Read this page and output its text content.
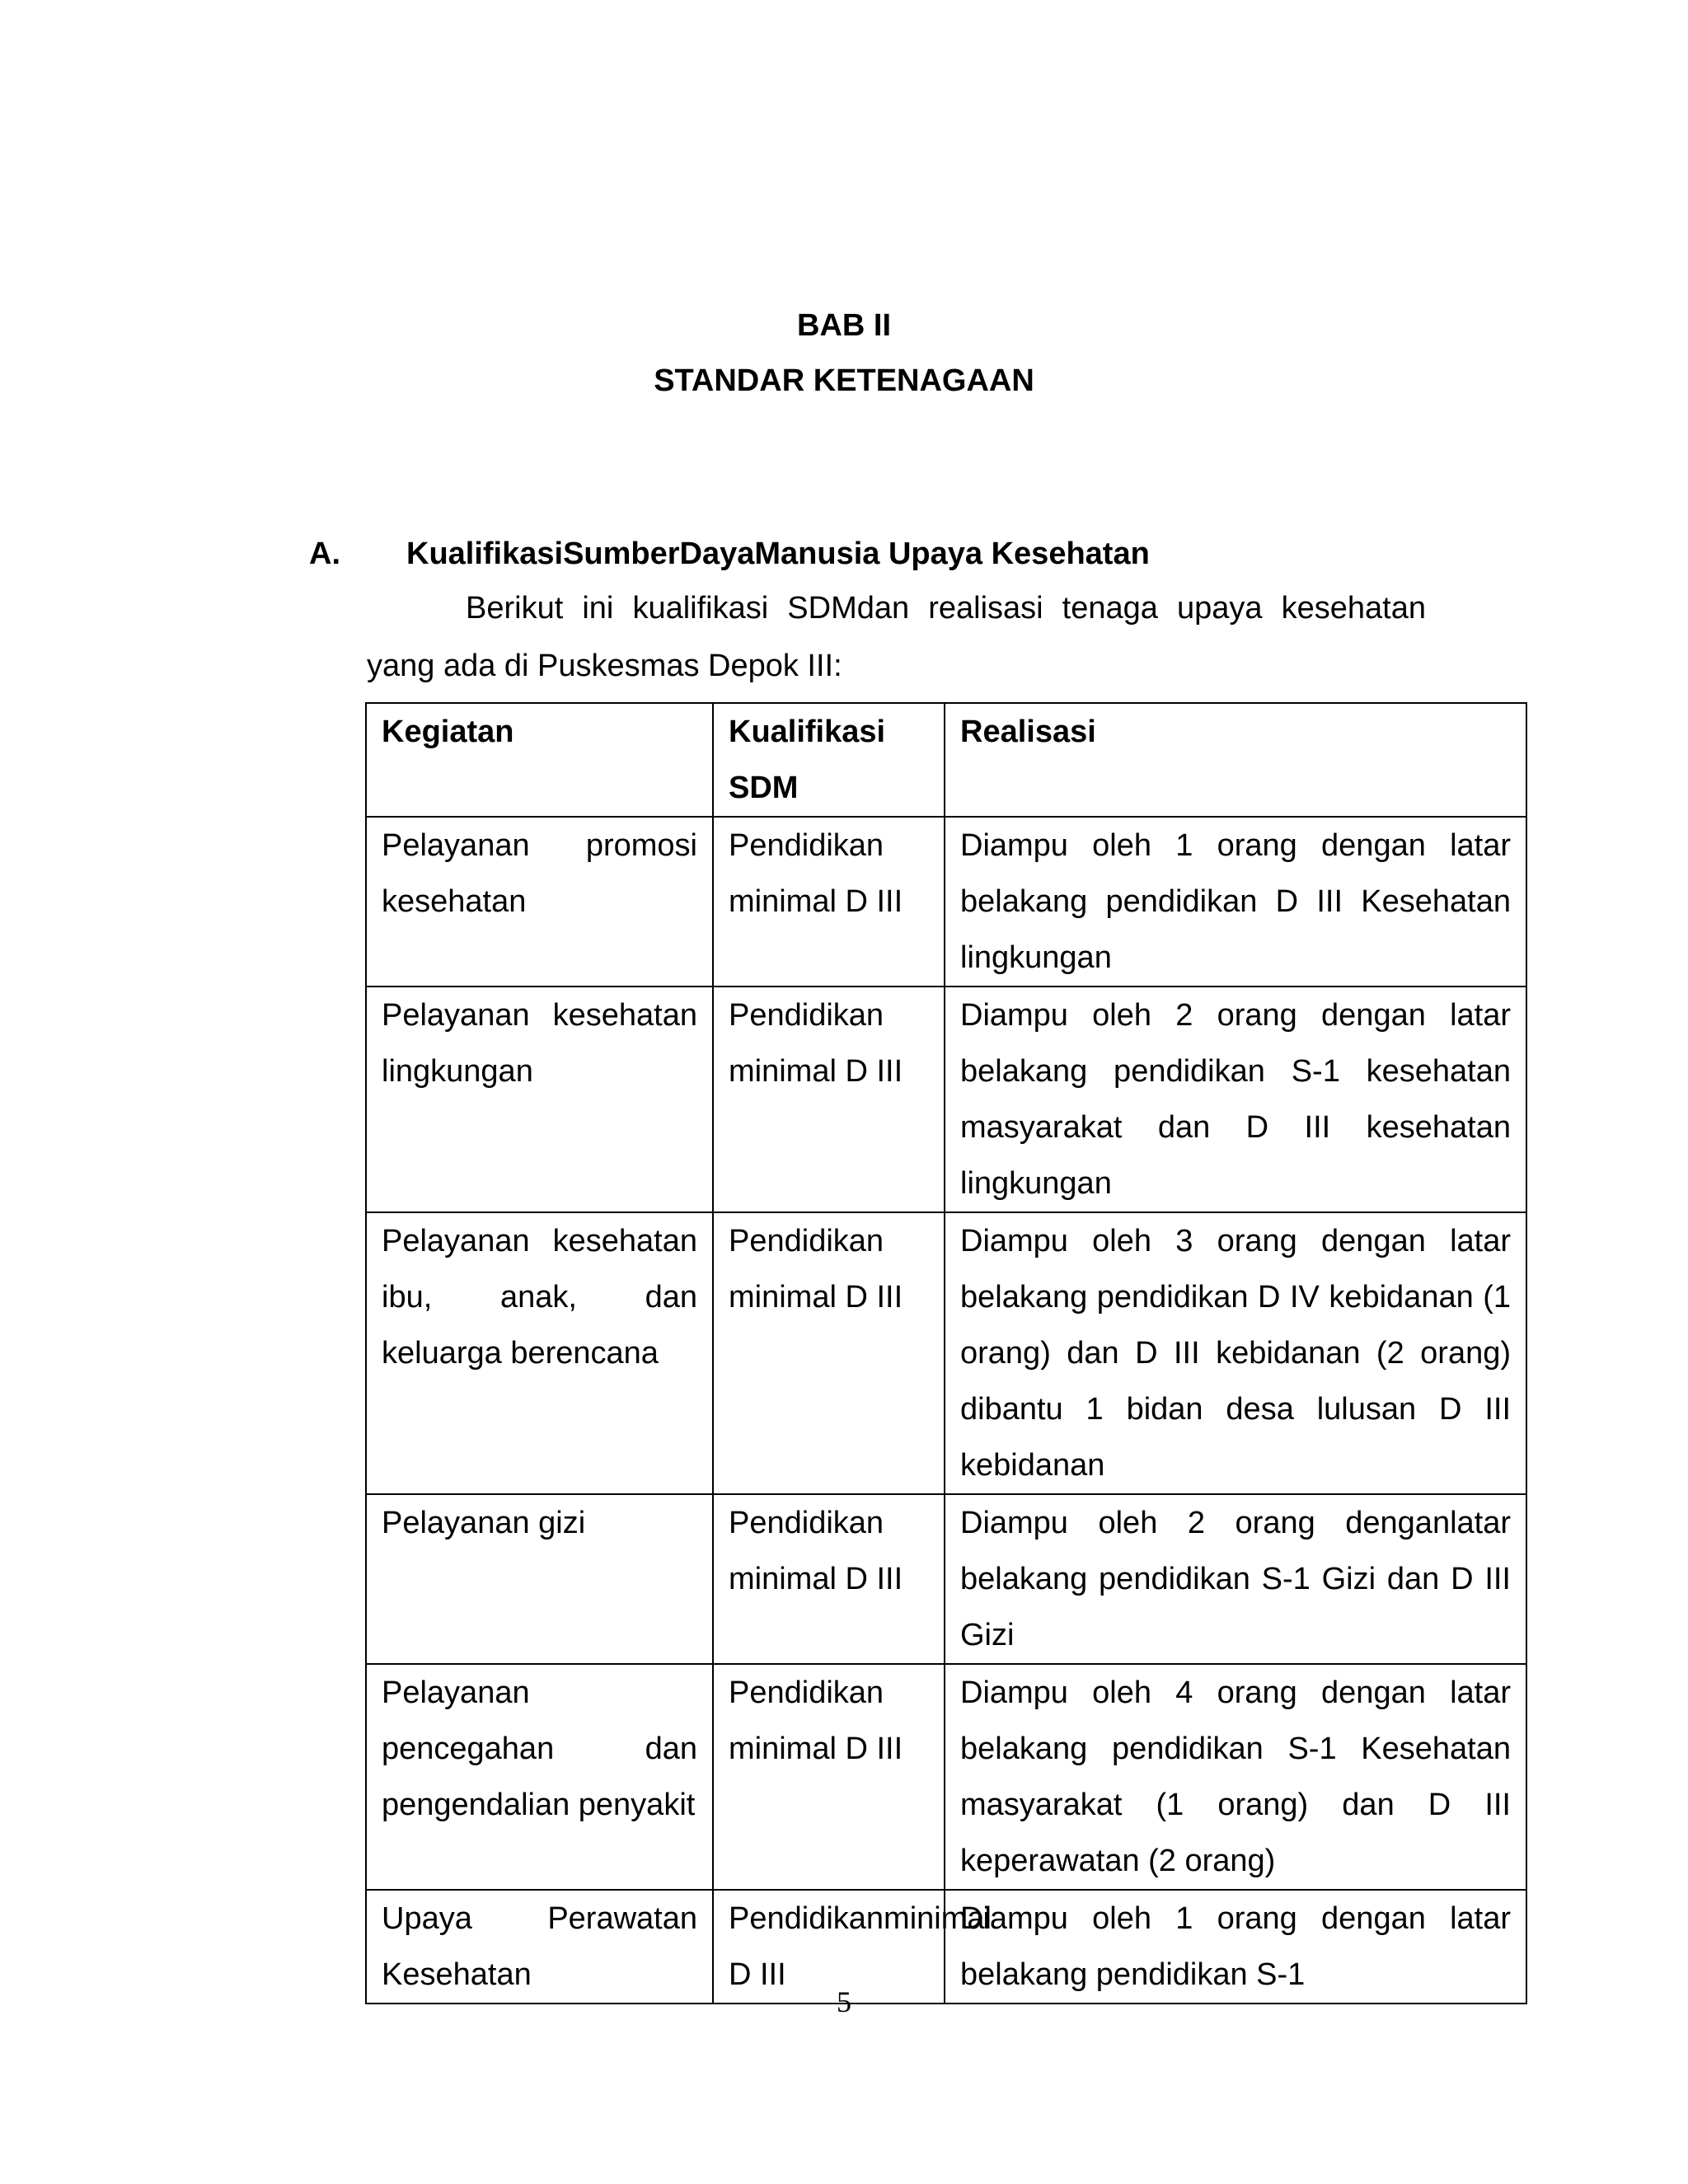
BAB II
STANDAR KETENAGAAN
A. KualifikasiSumberDayaManusia Upaya Kesehatan
Berikut ini kualifikasi SDMdan realisasi tenaga upaya kesehatan
yang ada di Puskesmas Depok III:
Kegiatan	Kualifikasi SDM	Realisasi
Pelayanan promosi kesehatan	Pendidikan minimal D III	Diampu oleh 1 orang dengan latar belakang pendidikan D III Kesehatan lingkungan
Pelayanan kesehatan lingkungan	Pendidikan minimal D III	Diampu oleh 2 orang dengan latar belakang pendidikan S-1 kesehatan masyarakat dan D III kesehatan lingkungan
Pelayanan kesehatan ibu, anak, dan keluarga berencana	Pendidikan minimal D III	Diampu oleh 3 orang dengan latar belakang pendidikan D IV kebidanan (1 orang) dan D III kebidanan (2 orang) dibantu 1 bidan desa lulusan D III kebidanan
Pelayanan gizi	Pendidikan minimal D III	Diampu oleh 2 orang denganlatar belakang pendidikan S-1 Gizi dan D III Gizi
Pelayanan pencegahan dan pengendalian penyakit	Pendidikan minimal D III	Diampu oleh 4 orang dengan latar belakang pendidikan S-1 Kesehatan masyarakat (1 orang) dan D III keperawatan (2 orang)
Upaya Perawatan Kesehatan	Pendidikanminimal D III	Diampu oleh 1 orang dengan latar belakang pendidikan S-1
5
